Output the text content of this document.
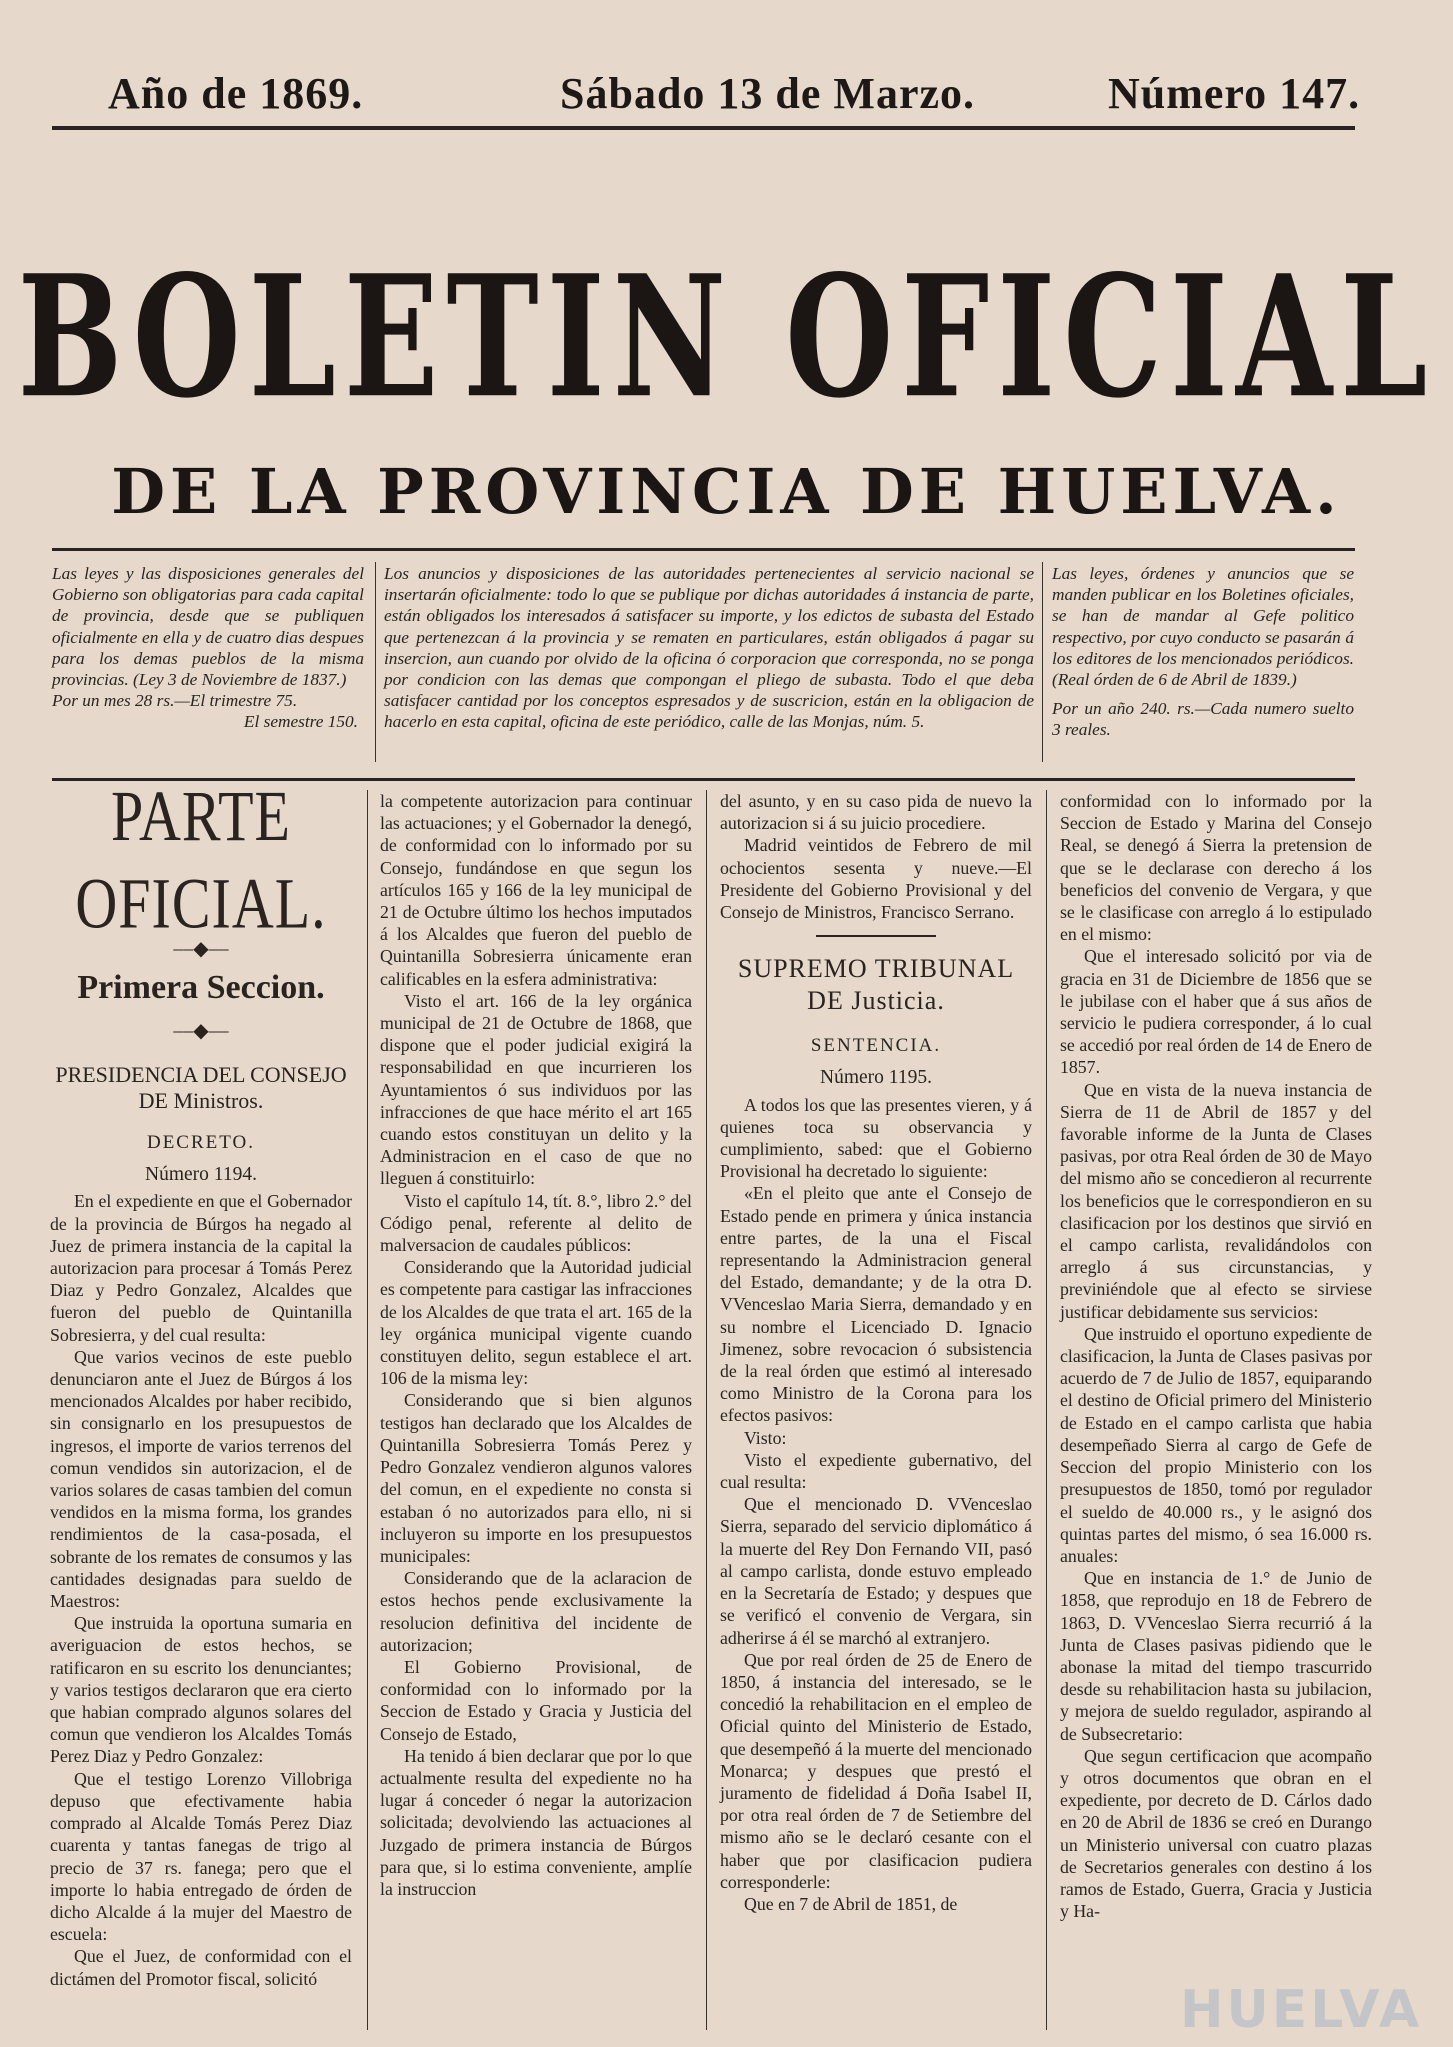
Año de 1869.	Sábado 13 de Marzo.	Número 147.
BOLETIN OFICIAL
DE LA PROVINCIA DE HUELVA.

Las leyes y las disposiciones generales del Gobierno son obligatorias para cada capital de provincia, desde que se publiquen oficialmente en ella y de cuatro dias despues para los demas pueblos de la misma provincias. (Ley 3 de Noviembre de 1837.)

Por un mes 28 rs.—El trimestre 75.

El semestre 150.

Los anuncios y disposiciones de las autoridades pertenecientes al servicio nacional se insertarán oficialmente: todo lo que se publique por dichas autoridades á instancia de parte, están obligados los interesados á satisfacer su importe, y los edictos de subasta del Estado que pertenezcan á la provincia y se rematen en particulares, están obligados á pagar su insercion, aun cuando por olvido de la oficina ó corporacion que corresponda, no se ponga por condicion con las demas que compongan el pliego de subasta. Todo el que deba satisfacer cantidad por los conceptos espresados y de suscricion, están en la obligacion de hacerlo en esta capital, oficina de este periódico, calle de las Monjas, núm. 5.

Las leyes, órdenes y anuncios que se manden publicar en los Boletines oficiales, se han de mandar al Gefe politico respectivo, por cuyo conducto se pasarán á los editores de los mencionados periódicos. (Real órden de 6 de Abril de 1839.)

Por un año 240. rs.—Cada numero suelto 3 reales.

PARTE OFICIAL.
⎯⎯◆⎯⎯
Primera Seccion.
⎯⎯◆⎯⎯
PRESIDENCIA DEL CONSEJO DE Ministros.
DECRETO.
Número 1194.

En el expediente en que el Gobernador de la provincia de Búrgos ha negado al Juez de primera instancia de la capital la autorizacion para procesar á Tomás Perez Diaz y Pedro Gonzalez, Alcaldes que fueron del pueblo de Quintanilla Sobresierra, y del cual resulta:

Que varios vecinos de este pueblo denunciaron ante el Juez de Búrgos á los mencionados Alcaldes por haber recibido, sin consignarlo en los presupuestos de ingresos, el importe de varios terrenos del comun vendidos sin autorizacion, el de varios solares de casas tambien del comun vendidos en la misma forma, los grandes rendimientos de la casa-posada, el sobrante de los remates de consumos y las cantidades designadas para sueldo de Maestros:

Que instruida la oportuna sumaria en averiguacion de estos hechos, se ratificaron en su escrito los denunciantes; y varios testigos declararon que era cierto que habian comprado algunos solares del comun que vendieron los Alcaldes Tomás Perez Diaz y Pedro Gonzalez:

Que el testigo Lorenzo Villobriga depuso que efectivamente habia comprado al Alcalde Tomás Perez Diaz cuarenta y tantas fanegas de trigo al precio de 37 rs. fanega; pero que el importe lo habia entregado de órden de dicho Alcalde á la mujer del Maestro de escuela:

Que el Juez, de conformidad con el dictámen del Promotor fiscal, solicitó

la competente autorizacion para continuar las actuaciones; y el Gobernador la denegó, de conformidad con lo informado por su Consejo, fundándose en que segun los artículos 165 y 166 de la ley municipal de 21 de Octubre último los hechos imputados á los Alcaldes que fueron del pueblo de Quintanilla Sobresierra únicamente eran calificables en la esfera administrativa:

Visto el art. 166 de la ley orgánica municipal de 21 de Octubre de 1868, que dispone que el poder judicial exigirá la responsabilidad en que incurrieren los Ayuntamientos ó sus individuos por las infracciones de que hace mérito el art 165 cuando estos constituyan un delito y la Administracion en el caso de que no lleguen á constituirlo:

Visto el capítulo 14, tít. 8.°, libro 2.° del Código penal, referente al delito de malversacion de caudales públicos:

Considerando que la Autoridad judicial es competente para castigar las infracciones de los Alcaldes de que trata el art. 165 de la ley orgánica municipal vigente cuando constituyen delito, segun establece el art. 106 de la misma ley:

Considerando que si bien algunos testigos han declarado que los Alcaldes de Quintanilla Sobresierra Tomás Perez y Pedro Gonzalez vendieron algunos valores del comun, en el expediente no consta si estaban ó no autorizados para ello, ni si incluyeron su importe en los presupuestos municipales:

Considerando que de la aclaracion de estos hechos pende exclusivamente la resolucion definitiva del incidente de autorizacion;

El Gobierno Provisional, de conformidad con lo informado por la Seccion de Estado y Gracia y Justicia del Consejo de Estado,

Ha tenido á bien declarar que por lo que actualmente resulta del expediente no ha lugar á conceder ó negar la autorizacion solicitada; devolviendo las actuaciones al Juzgado de primera instancia de Búrgos para que, si lo estima conveniente, amplíe la instruccion

del asunto, y en su caso pida de nuevo la autorizacion si á su juicio procediere.

Madrid veintidos de Febrero de mil ochocientos sesenta y nueve.—El Presidente del Gobierno Provisional y del Consejo de Ministros, Francisco Serrano.

SUPREMO TRIBUNAL DE Justicia.
SENTENCIA.
Número 1195.

A todos los que las presentes vieren, y á quienes toca su observancia y cumplimiento, sabed: que el Gobierno Provisional ha decretado lo siguiente:

«En el pleito que ante el Consejo de Estado pende en primera y única instancia entre partes, de la una el Fiscal representando la Administracion general del Estado, demandante; y de la otra D. VVenceslao Maria Sierra, demandado y en su nombre el Licenciado D. Ignacio Jimenez, sobre revocacion ó subsistencia de la real órden que estimó al interesado como Ministro de la Corona para los efectos pasivos:

Visto:

Visto el expediente gubernativo, del cual resulta:

Que el mencionado D. VVenceslao Sierra, separado del servicio diplomático á la muerte del Rey Don Fernando VII, pasó al campo carlista, donde estuvo empleado en la Secretaría de Estado; y despues que se verificó el convenio de Vergara, sin adherirse á él se marchó al extranjero.

Que por real órden de 25 de Enero de 1850, á instancia del interesado, se le concedió la rehabilitacion en el empleo de Oficial quinto del Ministerio de Estado, que desempeñó á la muerte del mencionado Monarca; y despues que prestó el juramento de fidelidad á Doña Isabel II, por otra real órden de 7 de Setiembre del mismo año se le declaró cesante con el haber que por clasificacion pudiera corresponderle:

Que en 7 de Abril de 1851, de

conformidad con lo informado por la Seccion de Estado y Marina del Consejo Real, se denegó á Sierra la pretension de que se le declarase con derecho á los beneficios del convenio de Vergara, y que se le clasificase con arreglo á lo estipulado en el mismo:

Que el interesado solicitó por via de gracia en 31 de Diciembre de 1856 que se le jubilase con el haber que á sus años de servicio le pudiera corresponder, á lo cual se accedió por real órden de 14 de Enero de 1857.

Que en vista de la nueva instancia de Sierra de 11 de Abril de 1857 y del favorable informe de la Junta de Clases pasivas, por otra Real órden de 30 de Mayo del mismo año se concedieron al recurrente los beneficios que le correspondieron en su clasificacion por los destinos que sirvió en el campo carlista, revalidándolos con arreglo á sus circunstancias, y previniéndole que al efecto se sirviese justificar debidamente sus servicios:

Que instruido el oportuno expediente de clasificacion, la Junta de Clases pasivas por acuerdo de 7 de Julio de 1857, equiparando el destino de Oficial primero del Ministerio de Estado en el campo carlista que habia desempeñado Sierra al cargo de Gefe de Seccion del propio Ministerio con los presupuestos de 1850, tomó por regulador el sueldo de 40.000 rs., y le asignó dos quintas partes del mismo, ó sea 16.000 rs. anuales:

Que en instancia de 1.° de Junio de 1858, que reprodujo en 18 de Febrero de 1863, D. VVenceslao Sierra recurrió á la Junta de Clases pasivas pidiendo que le abonase la mitad del tiempo trascurrido desde su rehabilitacion hasta su jubilacion, y mejora de sueldo regulador, aspirando al de Subsecretario:

Que segun certificacion que acompaño y otros documentos que obran en el expediente, por decreto de D. Cárlos dado en 20 de Abril de 1836 se creó en Durango un Ministerio universal con cuatro plazas de Secretarios generales con destino á los ramos de Estado, Guerra, Gracia y Justicia y Ha-

HUELVA
